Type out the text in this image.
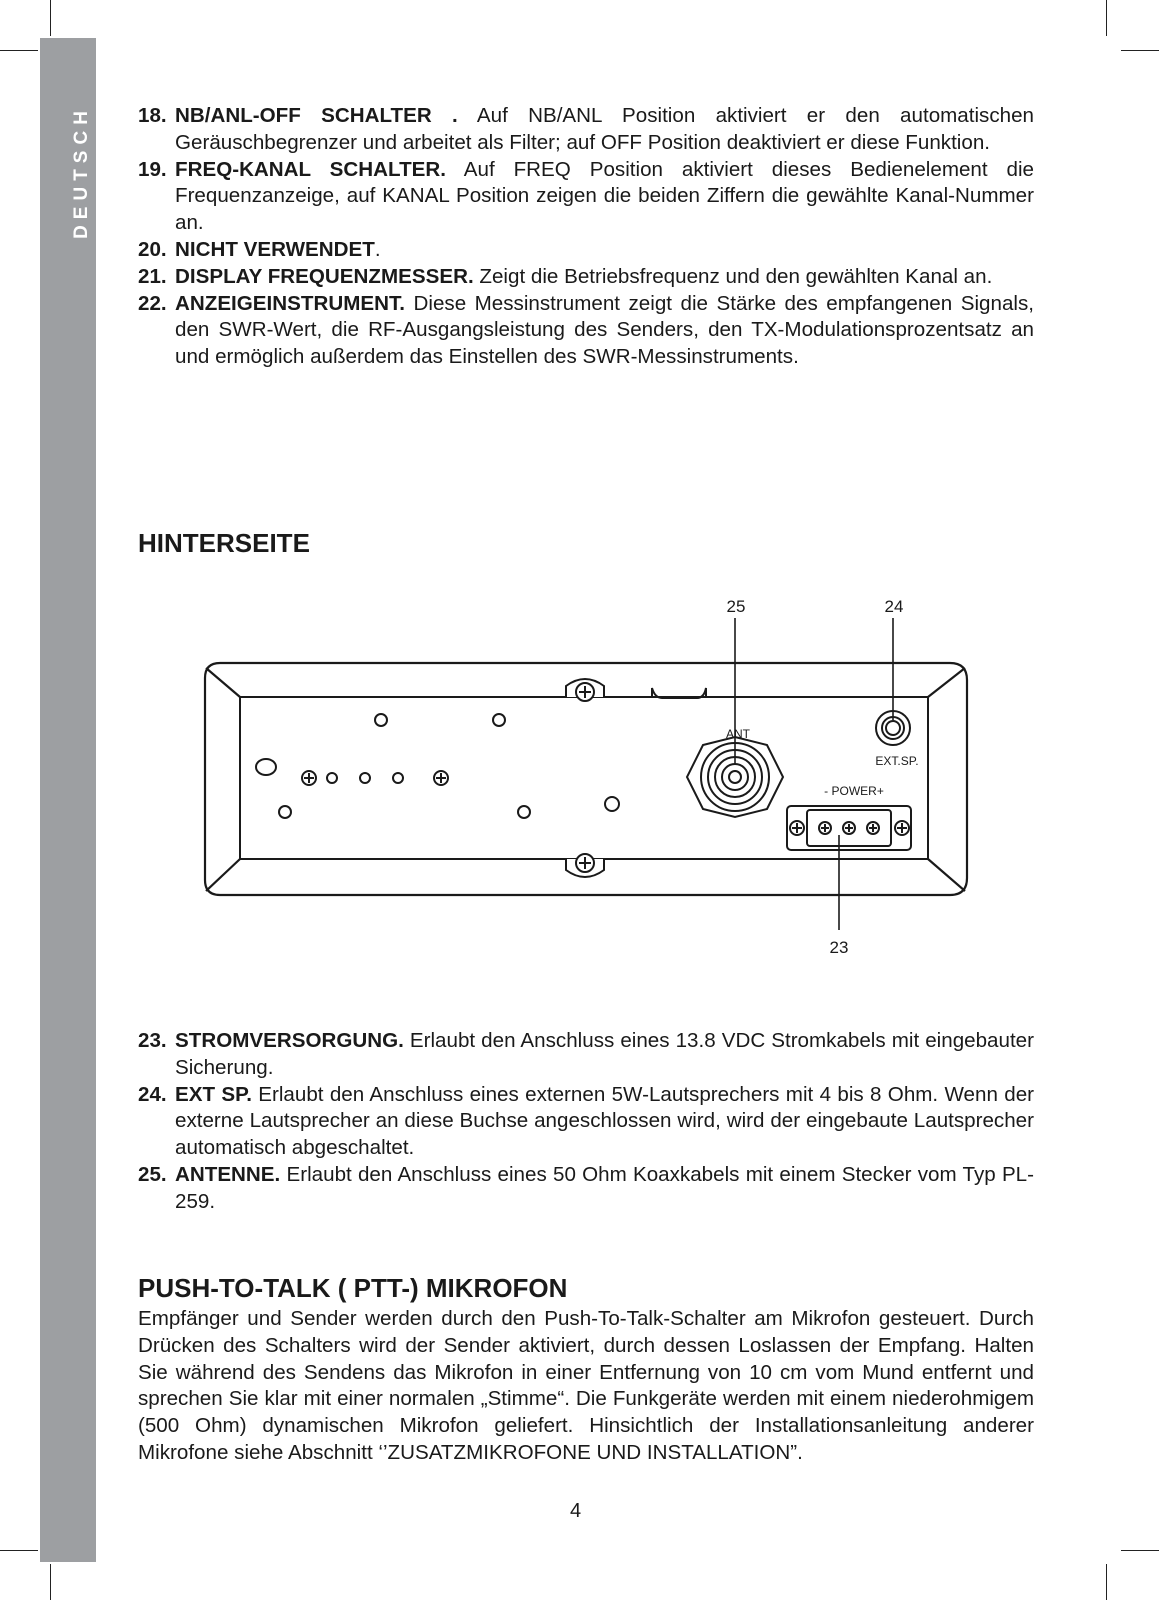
DEUTSCH 18. NB/ANL-OFF SCHALTER . Auf NB/ANL Position aktiviert er den automatischen Geräuschbegrenzer und arbeitet als Filter; auf OFF Position deaktiviert er diese Funktion.
19. FREQ-KANAL SCHALTER. Auf FREQ Position aktiviert dieses Bedienelement die Frequenzanzeige, auf KANAL Position zeigen die beiden Ziffern die gewählte Kanal-Nummer an.
20. NICHT VERWENDET.
21. DISPLAY FREQUENZMESSER. Zeigt die Betriebsfrequenz und den gewählten Kanal an.
22. ANZEIGEINSTRUMENT. Diese Messinstrument zeigt die Stärke des empfangenen Signals, den SWR-Wert, die RF-Ausgangsleistung des Senders, den TX-Modulationsprozentsatz an und ermöglich außerdem das Einstellen des SWR-Messinstruments.
HINTERSEITE
25	24
23
ANT
EXT.SP.
- POWER+
23. STROMVERSORGUNG. Erlaubt den Anschluss eines 13.8 VDC Stromkabels mit eingebauter Sicherung.
24. EXT SP. Erlaubt den Anschluss eines externen 5W-Lautsprechers mit 4 bis 8 Ohm. Wenn der externe Lautsprecher an diese Buchse angeschlossen wird, wird der eingebaute Lautsprecher automatisch abgeschaltet.
25. ANTENNE. Erlaubt den Anschluss eines 50 Ohm Koaxkabels mit einem Stecker vom Typ PL-259.
PUSH-TO-TALK ( PTT-) MIKROFON
Empfänger und Sender werden durch den Push-To-Talk-Schalter am Mikrofon gesteuert. Durch Drücken des Schalters wird der Sender aktiviert, durch dessen Loslassen der Empfang. Halten Sie während des Sendens das Mikrofon in einer Entfernung von 10 cm vom Mund entfernt und sprechen Sie klar mit einer normalen „Stimme“. Die Funkgeräte werden mit einem niederohmigem (500 Ohm) dynamischen Mikrofon geliefert. Hinsichtlich der Installationsanleitung anderer Mikrofone siehe Abschnitt ‘’ZUSATZMIKROFONE UND INSTALLATION”.
4
